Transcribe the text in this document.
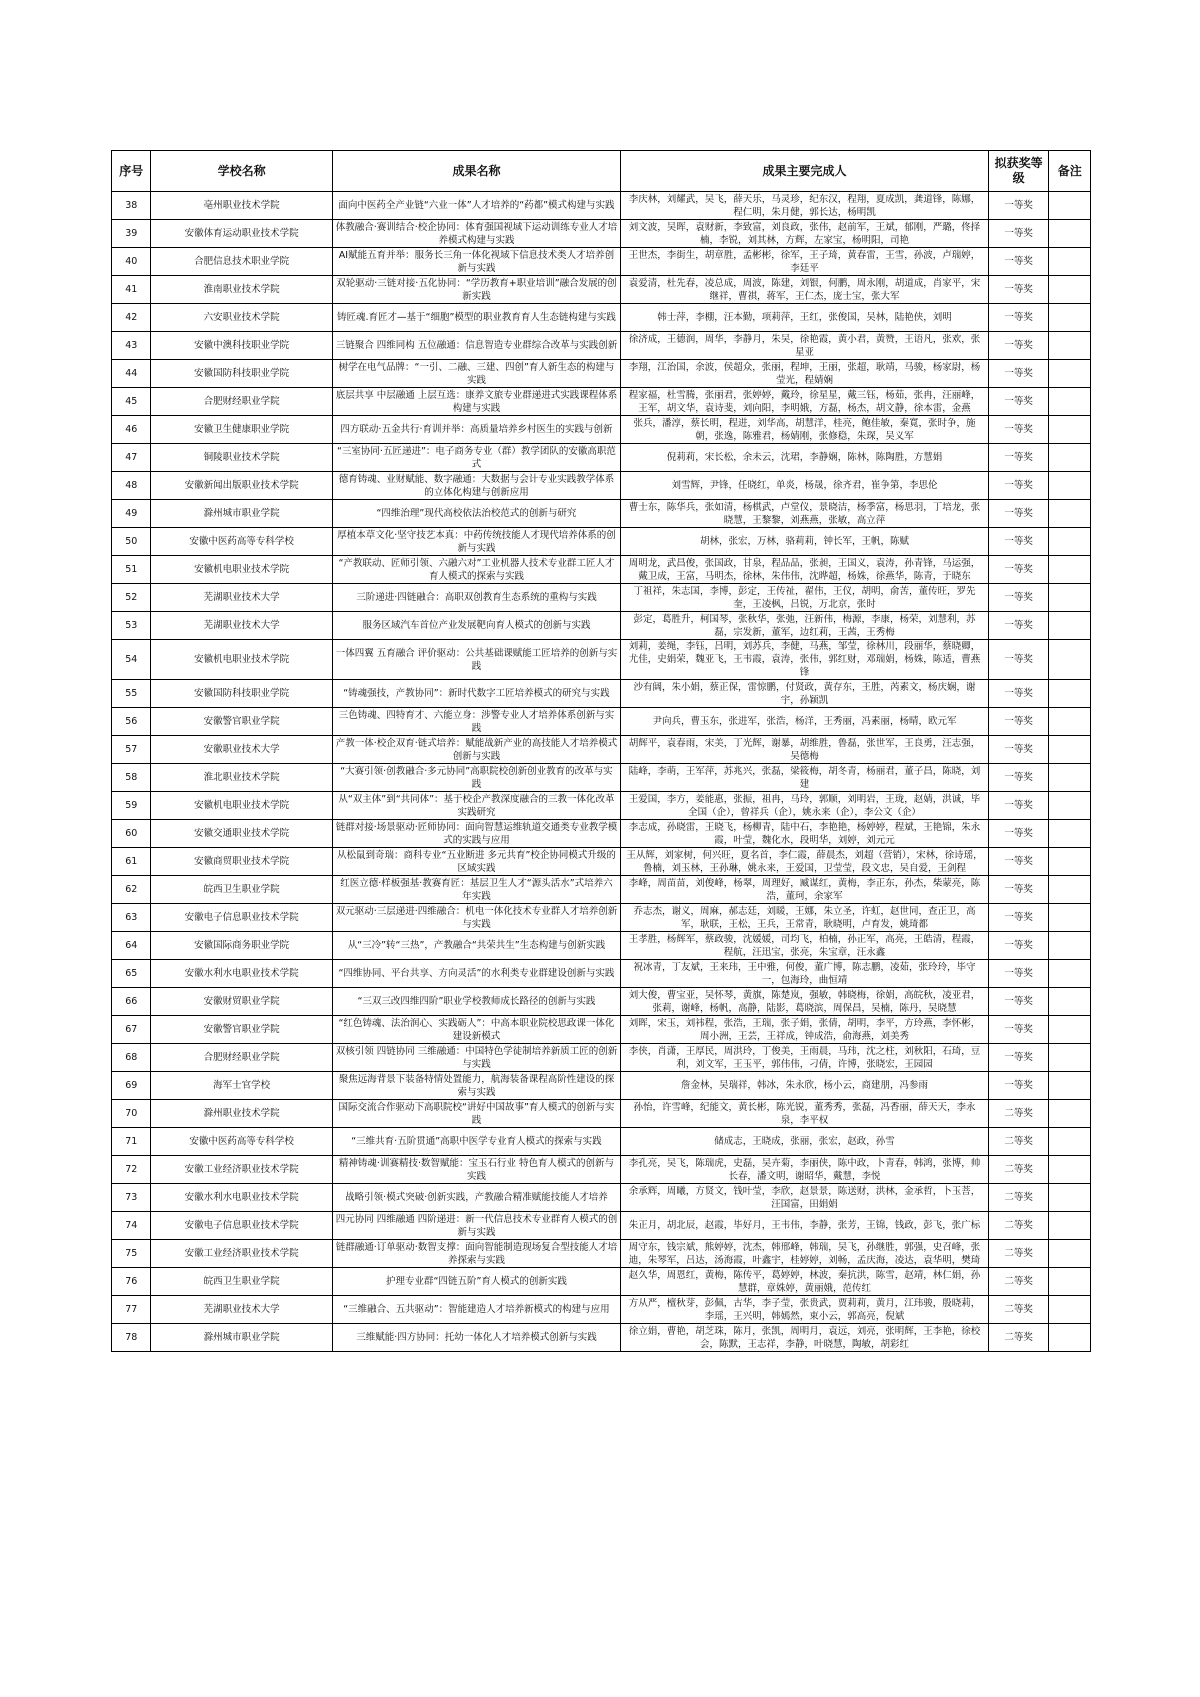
序号	学校名称	成果名称	成果主要完成人	拟获奖等级	备注
38	亳州职业技术学院	面向中医药全产业链“六业一体”人才培养的“药都”模式构建与实践	李庆林，刘耀武，吴飞，薛天乐，马灵珍，纪东汉，程翔，夏成凯，龚道锋，陈娜，程仁明，朱月健，郭长达，杨明凯	一等奖	
39	安徽体育运动职业技术学院	体教融合·赛训结合·校企协同：体育强国视域下运动训练专业人才培养模式构建与实践	刘文波，吴晖，袁财新，李致富，刘良政，张伟，赵前军，王斌，郁刚，严璐，佟择楠，李锐，刘其林，方辉，左家宝，杨明阳，司艳	一等奖	
40	合肥信息技术职业学院	AI赋能五育并举：服务长三角一体化视域下信息技术类人才培养创新与实践	王世杰，李街生，胡章胜，孟彬彬，徐军，王子琦，黄春雷，王雪，孙波，卢瑞婷，李廷平	一等奖	
41	淮南职业技术学院	双轮驱动·三链对接·五化协同：“学历教育+职业培训”融合发展的创新实践	袁爱清，杜先春，凌总成，周波，陈建，刘银，何鹏，周永刚，胡道成，肖家平，宋继祥，曹祺，蒋军，王仁杰，庞士宝，张大军	一等奖	
42	六安职业技术学院	铸匠魂.育匠才—基于“细胞”模型的职业教育育人生态链构建与实践	韩士萍，李棚，汪本勤，项莉萍，王红，张俊国，吴林，陆艳侠，刘明	一等奖	
43	安徽中澳科技职业学院	三链聚合 四维同构 五位融通：信息智造专业群综合改革与实践创新	徐济成，王德润，周华，李静月，朱吴，徐艳霞，黄小君，黄赞，王语凡，张欢，张星亚	一等奖	
44	安徽国防科技职业学院	树学在电气品牌：“一引、二融、三建、四创”育人新生态的构建与实践	李翔，江治国，余波，侯超众，张丽，程坤，王丽，张超，耿靖，马骏，杨家尉，杨莹光，程婧娴	一等奖	
45	合肥财经职业学院	底层共享 中层融通 上层互选：康养文旅专业群递进式实践课程体系构建与实践	程家福，杜雪腾，张丽君，张婷婷，戴玲，徐星星，戴三钰，杨茹，张冉，汪丽峰，王军，胡文华，袁诗斐，刘向阳，李明娥，方磊，杨杰，胡文静，徐本雷，金燕	一等奖	
46	安徽卫生健康职业学院	四方联动·五金共行·育训并举：高质量培养乡村医生的实践与创新	张兵，潘淳，蔡长明，程进，刘华高，胡慧洋，桂亮，鲍佳敏，秦寬，张时争，施朝，张逸，陈雅君，杨婧刚，张修稳，朱琛，吴义军	一等奖	
47	铜陵职业技术学院	“三室协同·五匠递进”：电子商务专业（群）教学团队的安徽高职范式	倪莉莉，宋长松，余未云，沈珺，李静娴，陈林，陈陶胜，方慧娟	一等奖	
48	安徽新闻出版职业技术学院	德育铸魂、业财赋能、数字融通：大数据与会计专业实践教学体系的立体化构建与创新应用	刘雪辉，尹锋，任晓红，单炎，杨晟，徐齐君，崔争第，李思伦	一等奖	
49	滁州城市职业学院	“四维治理”现代高校依法治校范式的创新与研究	曹士东，陈华兵，张如清，杨棋武，卢堂仪，景晓洁，杨季富，杨思羽，丁培龙，张晓慧，王黎黎，刘燕燕，张敏，高立萍	一等奖	
50	安徽中医药高等专科学校	厚植本草文化·坚守技艺本真：中药传统技能人才现代培养体系的创新与实践	胡林，张宏，万林，骆莉莉，钟长军，王帆，陈赋	一等奖	
51	安徽机电职业技术学院	“产教联动、匠师引领、六融六对”工业机器人技术专业群工匠人才育人模式的探索与实践	周明龙，武昌俊，张国政，甘泉，程品品，张昶，王国义，袁涛，孙青锋，马运强，戴卫成，王富，马明杰，徐林，朱伟伟，沈晔超，杨姝，徐燕华，陈青，于晓东	一等奖	
52	芜湖职业技术大学	三阶递进·四链融合：高职双创教育生态系统的重构与实践	丁祖祥，朱志国，李博，彭定，王传祉，翟伟，王仪，胡明，俞苦，董传旺，罗先奎，王凌枫，吕锐，万北京，张时	一等奖	
53	芜湖职业技术大学	服务区域汽车首位产业发展靶向育人模式的创新与实践	彭定，葛胜升，柯国琴，张秋华，张弛，汪新伟，梅源，李康，杨荣，刘慧利，苏磊，宗发新，董军，边红莉，王茜，王秀梅	一等奖	
54	安徽机电职业技术学院	一体四翼 五育融合 评价驱动：公共基础课赋能工匠培养的创新与实践	刘莉，姜绳，李钰，吕明，刘苏兵，李健，马燕，邹莹，徐林川，段丽华，蔡晓卿，尤佳，史娟荣，魏亚飞，王韦霞，袁涛，张伟，郭红财，邓瑞娟，杨姝，陈适，曹燕锋	一等奖	
55	安徽国防科技职业学院	“铸魂强技，产教协同”：新时代数字工匠培养模式的研究与实践	沙有阔，朱小娟，蔡正保，雷惊鹏，付贤政，黄存东，王胜，芮素文，杨庆娴，谢宇，孙颖凯	一等奖	
56	安徽警官职业学院	三色铸魂、四特育才、六能立身：涉警专业人才培养体系创新与实践	尹向兵，曹玉东，张进军，张浩，杨洋，王秀丽，冯素丽，杨晴，欧元军	一等奖	
57	安徽职业技术大学	产教一体·校企双育·链式培养：赋能战新产业的高技能人才培养模式创新与实践	胡辉平，袁春雨，宋美，丁光辉，谢暴，胡维胜，鲁磊，张世军，王良勇，汪志强，吴德梅	一等奖	
58	淮北职业技术学院	“大赛引领·创教融合·多元协同”高职院校创新创业教育的改革与实践	陆峰，李萌，王军萍，苏兆兴，张磊，梁筱梅，胡冬青，杨丽君，董子昌，陈晓，刘建	一等奖	
59	安徽机电职业技术学院	从“双主体”到“共同体”：基于校企产教深度融合的三教一体化改革实践研究	王爱国，李方，姜能惠，张振，祖冉，马玲，郭顺，刘明岩，王珑，赵婧，洪诚，毕全国（企），曾祥兵（企），姚永来（企），李公文（企）	一等奖	
60	安徽交通职业技术学院	链群对接·场景驱动·匠师协同：面向智慧运维轨道交通类专业教学模式的实践与应用	李志成，孙晓雷，王晓飞，杨柳青，陆中石，李艳艳，杨婷婷，程斌，王艳锦，朱永霞，叶莹，魏化水，段明华，刘婷，刘元元	一等奖	
61	安徽商贸职业技术学院	从松鼠到奇瑞：商科专业“五业断进 多元共育”校企协同模式升级的区域实践	王从辉，刘家树，何兴旺，夏名首，李仁霞，薛晨杰，刘超（营销），宋林，徐诗瑶，鲁楠，刘玉林，王孙琳，姚永来，王爱国，卫莹莹，段文忠，吴自爱，王剑程	一等奖	
62	皖西卫生职业学院	红医立德·样板强基·教赛育匠：基层卫生人才“源头活水”式培养六年实践	李峰，周苗苗，刘俊峰，杨翠，周理好，臧谋红，黄梅，李正东，孙杰，柴蒙亮，陈浩，董珂，余家军	一等奖	
63	安徽电子信息职业技术学院	双元驱动·三层递进·四维融合：机电一体化技术专业群人才培养创新与实践	乔志杰，谢义，周麻，郝志廷，刘暖，王娜，朱立圣，许虹，赵世同，查正卫，高军，耿联，王松，王兵，王常青，耿晓明，卢育发，姚琦都	一等奖	
64	安徽国际商务职业学院	从“三冷”转“三热”，产教融合“共荣共生”生态构建与创新实践	王孝胜，杨辉军，蔡政骏，沈媛媛，司均飞，柏楠，孙正军，高亮，王皓清，程霞，程航，汪迅宝，张亮，朱宝章，汪永鑫	一等奖	
65	安徽水利水电职业技术学院	“四维协同、平台共享、方向灵活”的水利类专业群建设创新与实践	祝冰青，丁友斌，王来玮，王中雅，何俊，董广博，陈志鹏，凌茹，张玲玲，毕守一，包海玲，曲恒靖	一等奖	
66	安徽财贸职业学院	“三双三改四维四阶”职业学校教师成长路径的创新与实践	刘大俊，曹宝亚，吴怀琴，黄旗，陈楚岚，强敏，韩晓梅，徐娟，高皖秋，凌亚君，张莉，谢峰，杨帆，高静，陆影，葛晓滨，周保昌，吴楠，陈丹，吴晓慧	一等奖	
67	安徽警官职业学院	“红色铸魂、法治润心、实践砺人”：中高本职业院校思政课一体化建设新模式	刘晖，宋玉，刘祎程，张浩，王瑞，张子娟，张倩，胡明，李平，方玲燕，李怀彬，周小洲，王芸，王祥成，钟成浩，俞海燕，刘美秀	一等奖	
68	合肥财经职业学院	双核引领 四链协同 三维融通：中国特色学徒制培养新质工匠的创新与实践	李侠，肖潇，王厚民，周洪玲，丁俊美，王雨晨，马玮，沈之柱，刘秋阳，石琦，豆利，刘文军，王玉平，郭伟伟，刁倩，许博，张晓宏，王园园	一等奖	
69	海军士官学校	聚焦远海背景下装备特情处置能力，航海装备课程高阶性建设的探索与实践	詹金林，吴瑞祥，韩冰，朱永欣，杨小云，商建朋，冯参雨	一等奖	
70	滁州职业技术学院	国际交流合作驱动下高职院校“讲好中国故事”育人模式的创新与实践	孙怡，许雪峰，纪能文，黄长彬，陈光锐，董秀秀，张磊，冯香丽，薛天天，李永泉，李平权	二等奖	
71	安徽中医药高等专科学校	“三维共育·五阶贯通”高职中医学专业育人模式的探索与实践	储成志，王晓成，张丽，张宏，赵政，孙雪	二等奖	
72	安徽工业经济职业技术学院	精神铸魂·训赛精技·数智赋能：宝玉石行业 特色育人模式的创新与实践	李孔亮，吴飞，陈瑞虎，史磊，吴卉菊，李丽侠，陈中政，卜青春，韩鸿，张博，帅长春，潘文明，谢昭华，戴慧，李悦	二等奖	
73	安徽水利水电职业技术学院	战略引领·模式突破·创新实践，产教融合精准赋能技能人才培养	余承辉，周曦，方贤文，钱叶莹，李欣，赵景景，陈送财，洪林，金承哲，卜玉菩，汪国富，田娟娟	二等奖	
74	安徽电子信息职业技术学院	四元协同 四维融通 四阶递进：新一代信息技术专业群育人模式的创新与实践	朱正月，胡北辰，赵霞，毕好月，王韦伟，李静，张芳，王锦，钱政，彭飞，张广标	二等奖	
75	安徽工业经济职业技术学院	链群融通·订单驱动·数智支撑：面向智能制造现场复合型技能人才培养探索与实践	周守东，钱宗斌，熊婷婷，沈杰，韩邢峰，韩瑞，吴飞，孙继胜，郭强，史召峰，张迪，朱琴军，吕达，汤海霞，叶鑫宇，桂婷婷，刘畅，孟庆海，凌达，袁华明，樊琦	二等奖	
76	皖西卫生职业学院	护理专业群“四链五阶”育人模式的创新实践	赵久华，周恩红，黄梅，陈传平，葛婷婷，林波，秦抗洪，陈雪，赵靖，林仁娟，孙慧群，章姝婷，黄丽娥，范传红	二等奖	
77	芜湖职业技术大学	“三维融合、五共驱动”：智能建造人才培养新模式的构建与应用	方从严，檀秋芽，彭佩，古华，李子莹，张贵武，贾莉莉，黄月，江玮骏，殷晓莉，李瑶，王兴明，韩嫣然，束小云，郭高亮，倪斌	二等奖	
78	滁州城市职业学院	三维赋能·四方协同：托幼一体化人才培养模式创新与实践	徐立娟，曹艳，胡芝珠，陈月，张凯，周明月，袁远，刘亮，张明辉，王李艳，徐校会，陈默，王志祥，李静，叶晓慧，陶敏，胡彩红	二等奖	
